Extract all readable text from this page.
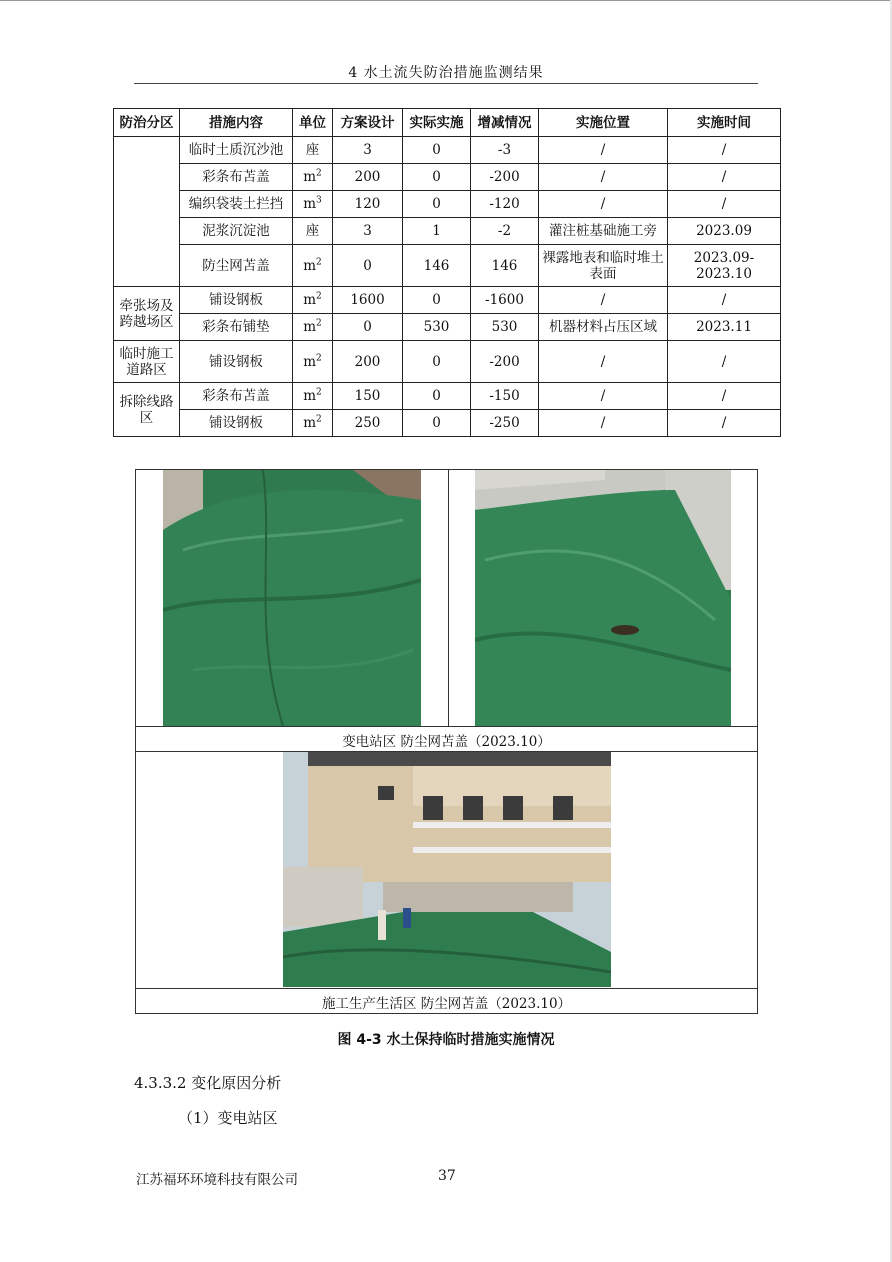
4 水土流失防治措施监测结果
防治分区	措施内容	单位	方案设计	实际实施	增减情况	实施位置	实施时间
	临时土质沉沙池	座	3	0	-3	/	/
	彩条布苫盖	$m^2$	200	0	-200	/	/
	编织袋装土拦挡	$m^3$	120	0	-120	/	/
	泥浆沉淀池	座	3	1	-2	灌注桩基础施工旁	2023.09
	防尘网苫盖	$m^2$	0	146	146	裸露地表和临时堆土表面	2023.09-2023.10
牵张场及跨越场区	铺设钢板	$m^2$	1600	0	-1600	/	/
	彩条布铺垫	$m^2$	0	530	530	机器材料占压区域	2023.11
临时施工道路区	铺设钢板	$m^2$	200	0	-200	/	/
拆除线路区	彩条布苫盖	$m^2$	150	0	-150	/	/
	铺设钢板	$m^2$	250	0	-250	/	/
变电站区 防尘网苫盖（2023.10）
施工生产生活区 防尘网苫盖（2023.10）
图 4-3 水土保持临时措施实施情况
4.3.3.2 变化原因分析
（1）变电站区
江苏福环环境科技有限公司	37
